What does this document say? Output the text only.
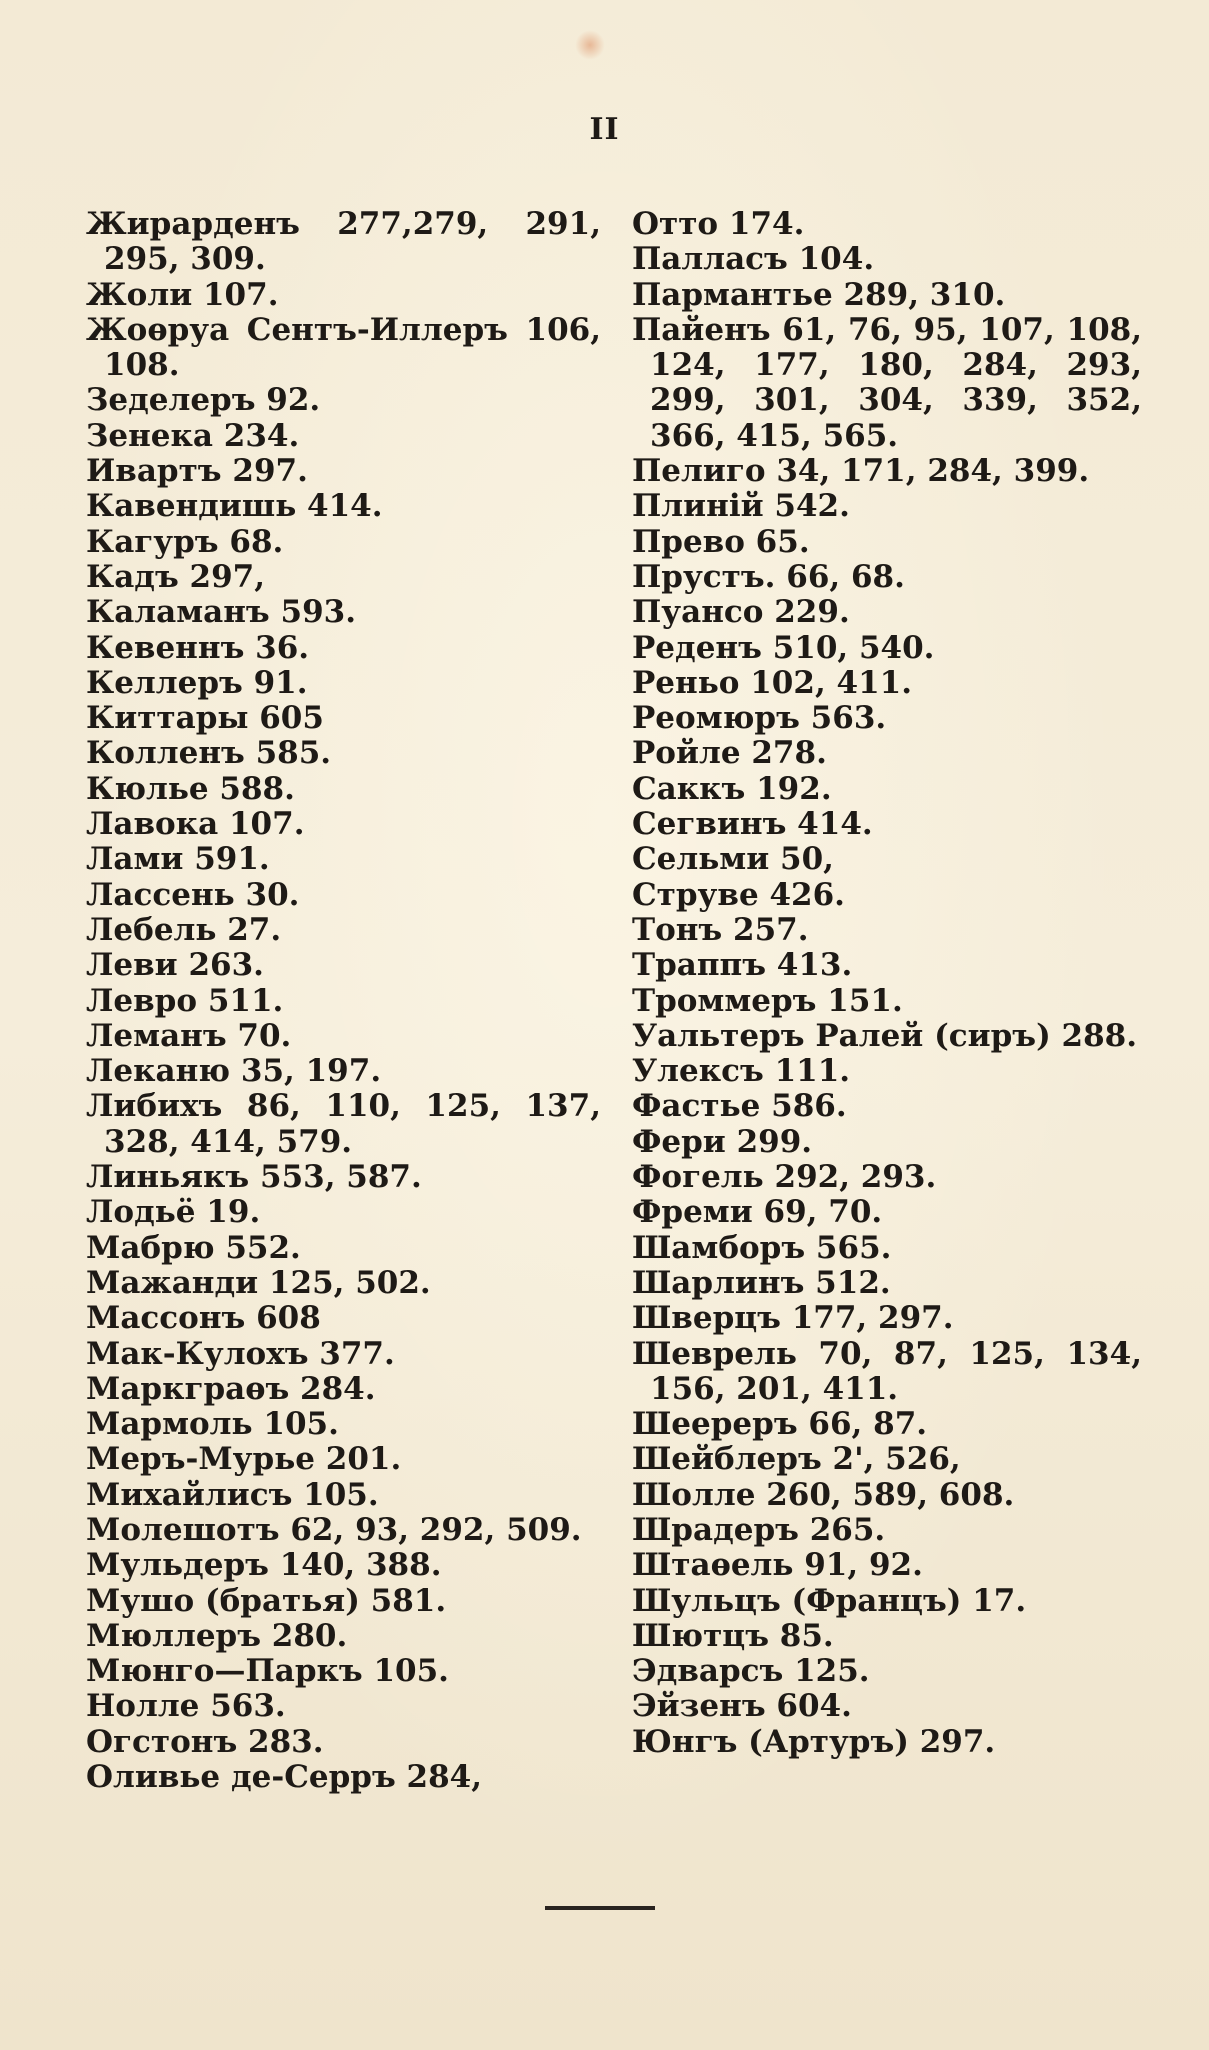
II
Жирарденъ 277,279, 291, 295, 309.
Жоли 107.
Жоѳруа Сентъ-Иллеръ 106, 108.
Зеделеръ 92.
Зенека 234.
Ивартъ 297.
Кавендишь 414.
Кагуръ 68.
Кадъ 297,
Каламанъ 593.
Кевеннъ 36.
Келлеръ 91.
Киттары 605
Колленъ 585.
Кюлье 588.
Лавока 107.
Лами 591.
Лассень 30.
Лебель 27.
Леви 263.
Левро 511.
Леманъ 70.
Леканю 35, 197.
Либихъ 86, 110, 125, 137, 328, 414, 579.
Линьякъ 553, 587.
Лодьё 19.
Мабрю 552.
Мажанди 125, 502.
Массонъ 608
Мак-Кулохъ 377.
Маркграѳъ 284.
Мармоль 105.
Меръ-Мурье 201.
Михайлисъ 105.
Молешотъ 62, 93, 292, 509.
Мульдеръ 140, 388.
Мушо (братья) 581.
Мюллеръ 280.
Мюнго—Паркъ 105.
Нолле 563.
Огстонъ 283.
Оливье де-Серръ 284,
Отто 174.
Палласъ 104.
Пармантье 289, 310.
Пайенъ 61, 76, 95, 107, 108, 124, 177, 180, 284, 293, 299, 301, 304, 339, 352, 366, 415, 565.
Пелиго 34, 171, 284, 399.
Плиній 542.
Прево 65.
Прустъ. 66, 68.
Пуансо 229.
Реденъ 510, 540.
Реньо 102, 411.
Реомюръ 563.
Ройле 278.
Саккъ 192.
Сегвинъ 414.
Сельми 50,
Струве 426.
Тонъ 257.
Траппъ 413.
Троммеръ 151.
Уальтеръ Ралей (сиръ) 288.
Улексъ 111.
Фастье 586.
Фери 299.
Фогель 292, 293.
Фреми 69, 70.
Шамборъ 565.
Шарлинъ 512.
Шверцъ 177, 297.
Шеврель 70, 87, 125, 134, 156, 201, 411.
Шеереръ 66, 87.
Шейблеръ 2', 526,
Шолле 260, 589, 608.
Шрадеръ 265.
Штаѳель 91, 92.
Шульцъ (Францъ) 17.
Шютцъ 85.
Эдварсъ 125.
Эйзенъ 604.
Юнгъ (Артуръ) 297.
